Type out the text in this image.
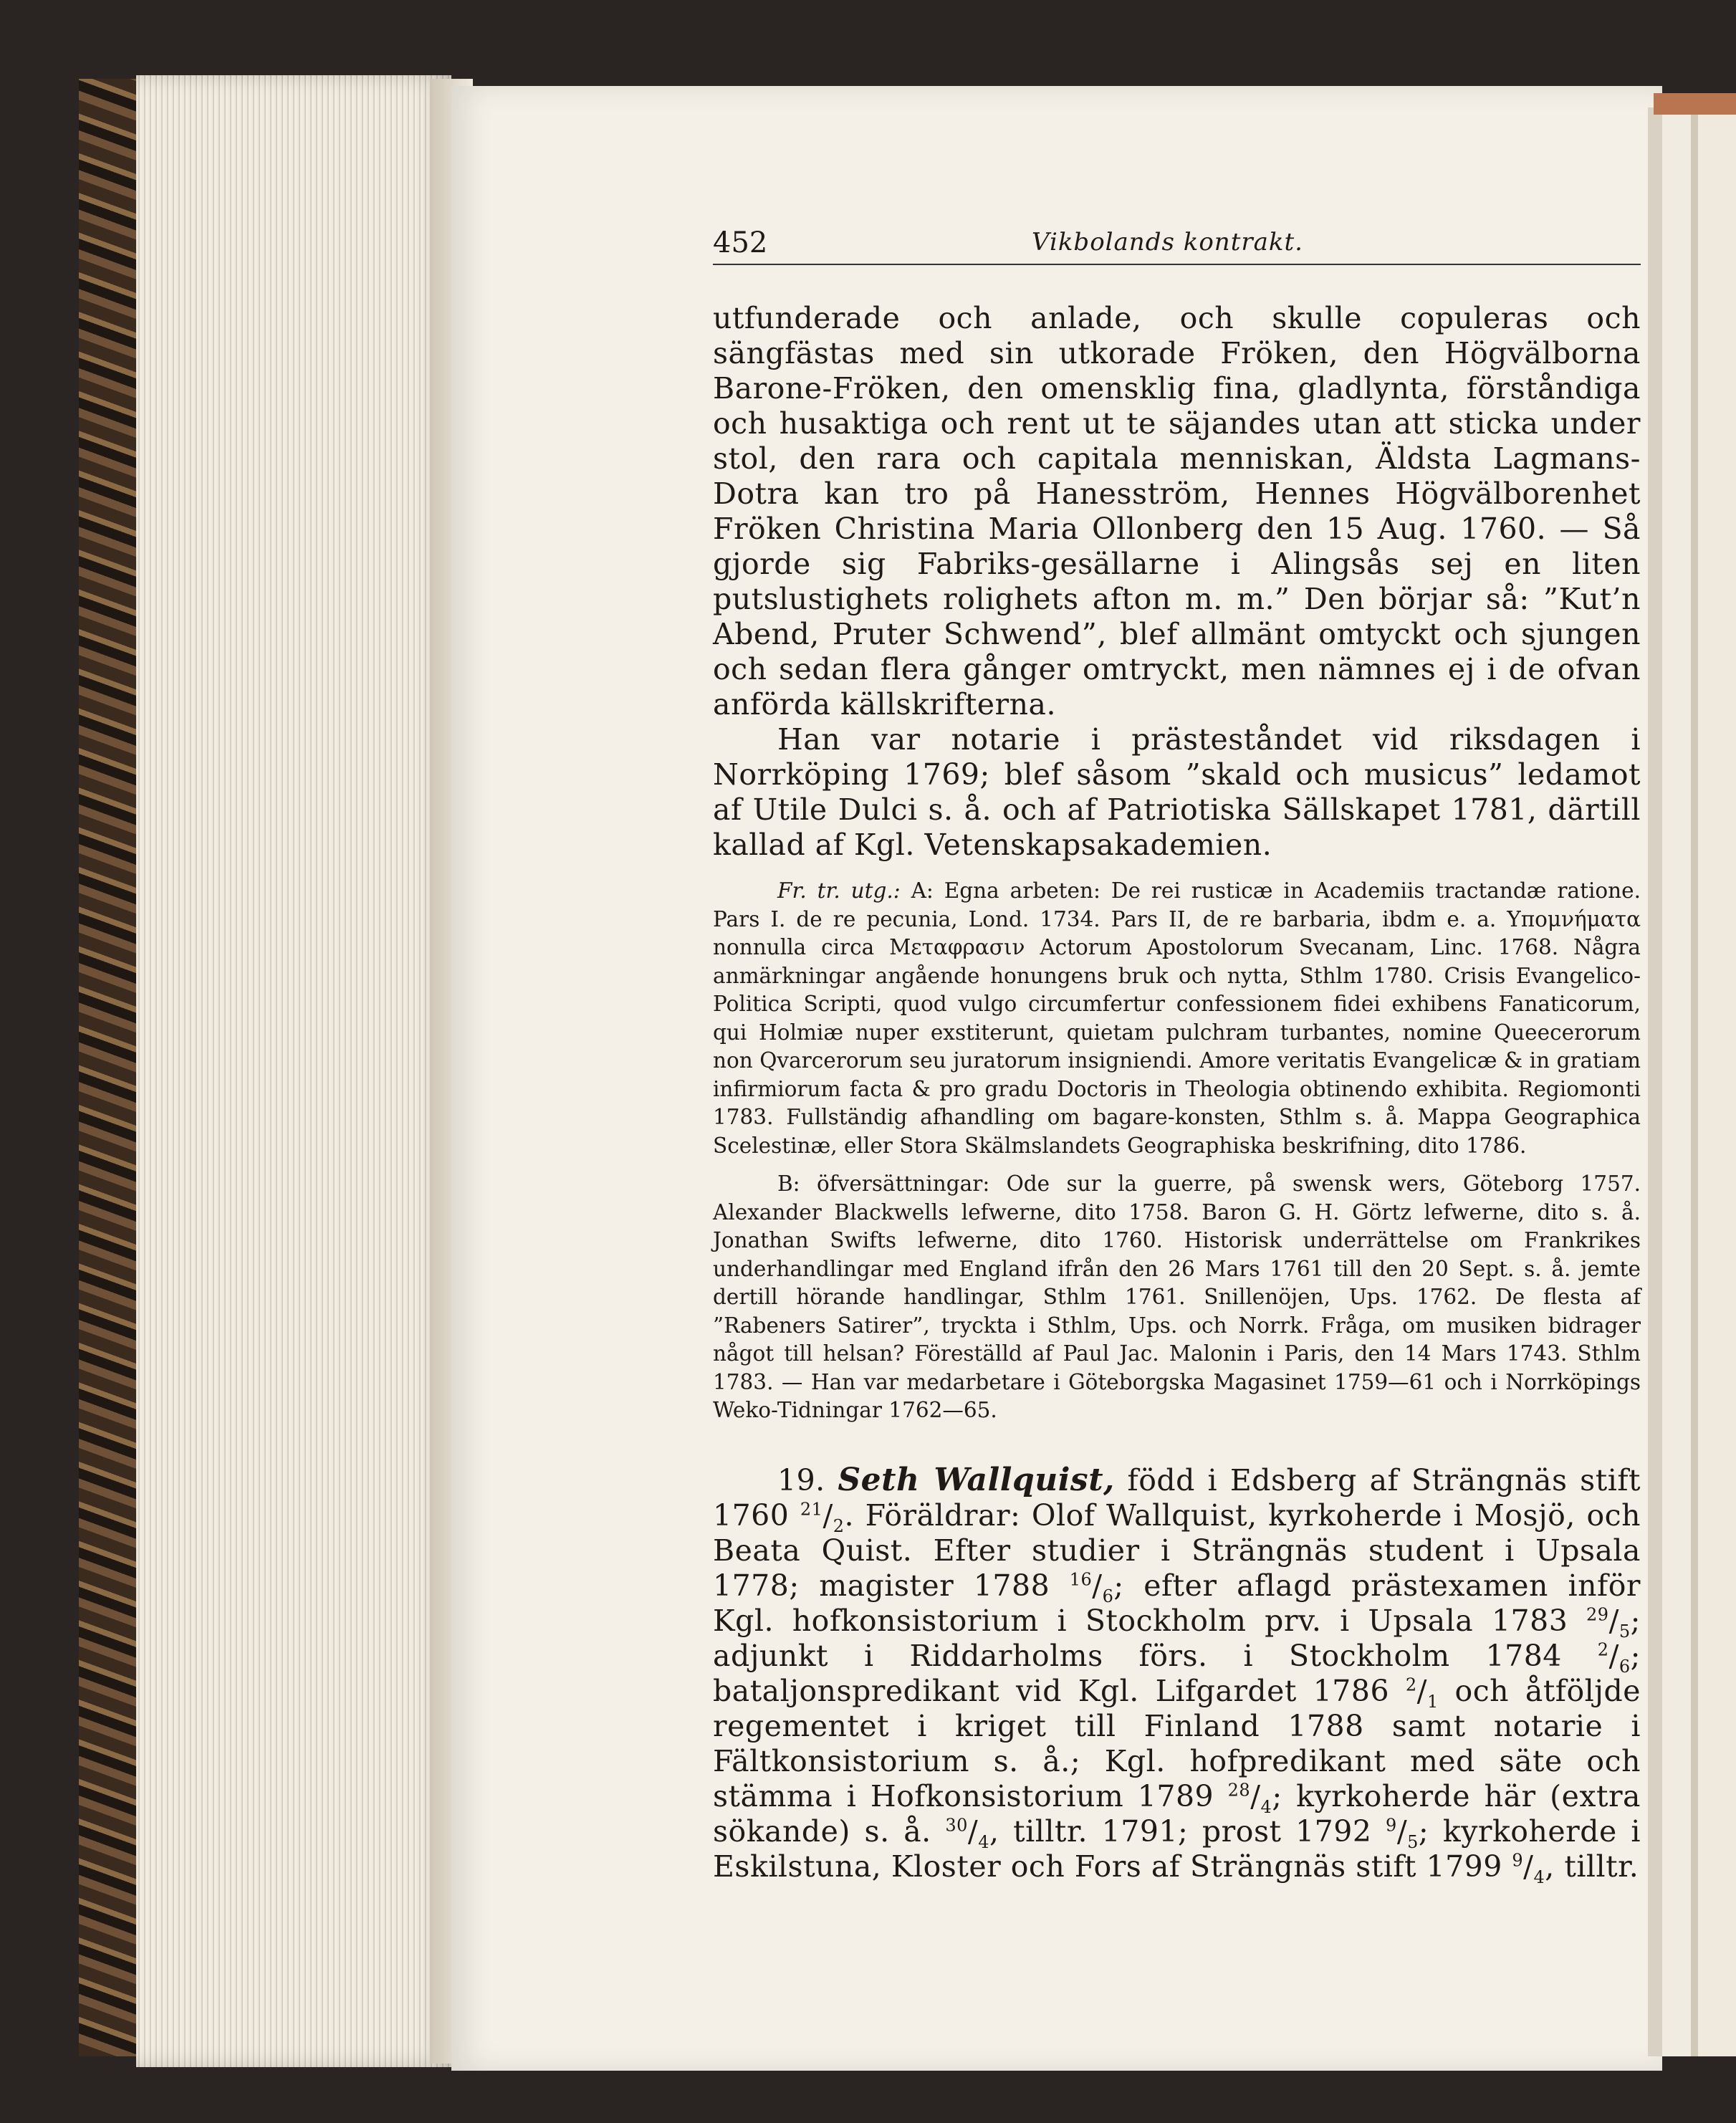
452	Vikbolands kontrakt.

utfunderade och anlade, och skulle copuleras och sängfästas med sin utkorade Fröken, den Högvälborna Barone-Fröken, den omensklig fina, gladlynta, förståndiga och husaktiga och rent ut te säjandes utan att sticka under stol, den rara och capitala menniskan, Äldsta Lagmans-Dotra kan tro på Hanesström, Hennes Högvälborenhet Fröken Christina Maria Ollonberg den 15 Aug. 1760. — Så gjorde sig Fabriks-gesällarne i Alingsås sej en liten putslustighets rolighets afton m. m.” Den börjar så: ”Kut’n Abend, Pruter Schwend”, blef allmänt omtyckt och sjungen och sedan flera gånger omtryckt, men nämnes ej i de ofvan anförda källskrifterna.

Han var notarie i prästeståndet vid riksdagen i Norrköping 1769; blef såsom ”skald och musicus” ledamot af Utile Dulci s. å. och af Patriotiska Sällskapet 1781, därtill kallad af Kgl. Vetenskapsakademien.

Fr. tr. utg.: A: Egna arbeten: De rei rusticæ in Academiis tractandæ ratione. Pars I. de re pecunia, Lond. 1734. Pars II, de re barbaria, ibdm e. a. Υπομνήματα nonnulla circa Μεταφρασιν Actorum Apostolorum Svecanam, Linc. 1768. Några anmärkningar angående honungens bruk och nytta, Sthlm 1780. Crisis Evangelico-Politica Scripti, quod vulgo circumfertur confessionem fidei exhibens Fanaticorum, qui Holmiæ nuper exstiterunt, quietam pulchram turbantes, nomine Queecerorum non Qvarcerorum seu juratorum insigniendi. Amore veritatis Evangelicæ & in gratiam infirmiorum facta & pro gradu Doctoris in Theologia obtinendo exhibita. Regiomonti 1783. Fullständig afhandling om bagare-konsten, Sthlm s. å. Mappa Geographica Scelestinæ, eller Stora Skälmslandets Geographiska beskrifning, dito 1786.

B: öfversättningar: Ode sur la guerre, på swensk wers, Göteborg 1757. Alexander Blackwells lefwerne, dito 1758. Baron G. H. Görtz lefwerne, dito s. å. Jonathan Swifts lefwerne, dito 1760. Historisk underrättelse om Frankrikes underhandlingar med England ifrån den 26 Mars 1761 till den 20 Sept. s. å. jemte dertill hörande handlingar, Sthlm 1761. Snillenöjen, Ups. 1762. De flesta af ”Rabeners Satirer”, tryckta i Sthlm, Ups. och Norrk. Fråga, om musiken bidrager något till helsan? Föreställd af Paul Jac. Malonin i Paris, den 14 Mars 1743. Sthlm 1783. — Han var medarbetare i Göteborgska Magasinet 1759—61 och i Norrköpings Weko-Tidningar 1762—65.

19. Seth Wallquist, född i Edsberg af Strängnäs stift 1760 $^{21}/_2$. Föräldrar: Olof Wallquist, kyrkoherde i Mosjö, och Beata Quist. Efter studier i Strängnäs student i Upsala 1778; magister 1788 $^{16}/_6$; efter aflagd prästexamen inför Kgl. hofkonsistorium i Stockholm prv. i Upsala 1783 $^{29}/_5$; adjunkt i Riddarholms förs. i Stockholm 1784 $^2/_6$; bataljonspredikant vid Kgl. Lifgardet 1786 $^2/_1$ och åtföljde regementet i kriget till Finland 1788 samt notarie i Fältkonsistorium s. å.; Kgl. hofpredikant med säte och stämma i Hofkonsistorium 1789 $^{28}/_4$; kyrkoherde här (extra sökande) s. å. $^{30}/_4$, tilltr. 1791; prost 1792 $^9/_5$; kyrkoherde i Eskilstuna, Kloster och Fors af Strängnäs stift 1799 $^9/_4$, tilltr.
